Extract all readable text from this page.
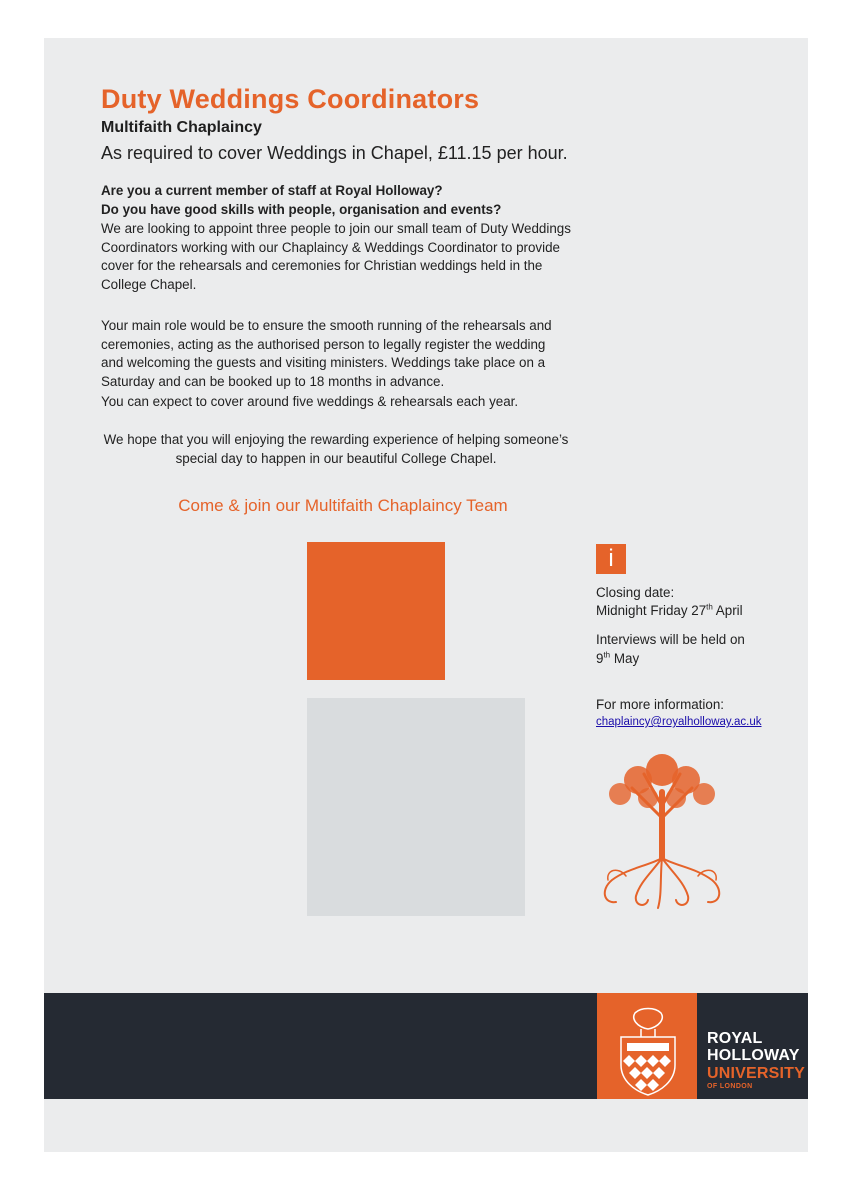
Duty Weddings Coordinators

Multifaith Chaplaincy

As required to cover Weddings in Chapel, £11.15 per hour.

Are you a current member of staff at Royal Holloway?

Do you have good skills with people, organisation and events?

We are looking to appoint three people to join our small team of Duty Weddings Coordinators working with our Chaplaincy & Weddings Coordinator to provide cover for the rehearsals and ceremonies for Christian weddings held in the College Chapel.

Your main role would be to ensure the smooth running of the rehearsals and ceremonies, acting as the authorised person to legally register the wedding and welcoming the guests and visiting ministers. Weddings take place on a Saturday and can be booked up to 18 months in advance.

You can expect to cover around five weddings & rehearsals each year.

We hope that you will enjoying the rewarding experience of helping someone’s special day to happen in our beautiful College Chapel.

Come & join our Multifaith Chaplaincy Team

i

Closing date:

Midnight Friday 27th April

Interviews will be held on

9th May

For more information:

chaplaincy@royalholloway.ac.uk

ROYAL

HOLLOWAY

UNIVERSITY

OF LONDON
